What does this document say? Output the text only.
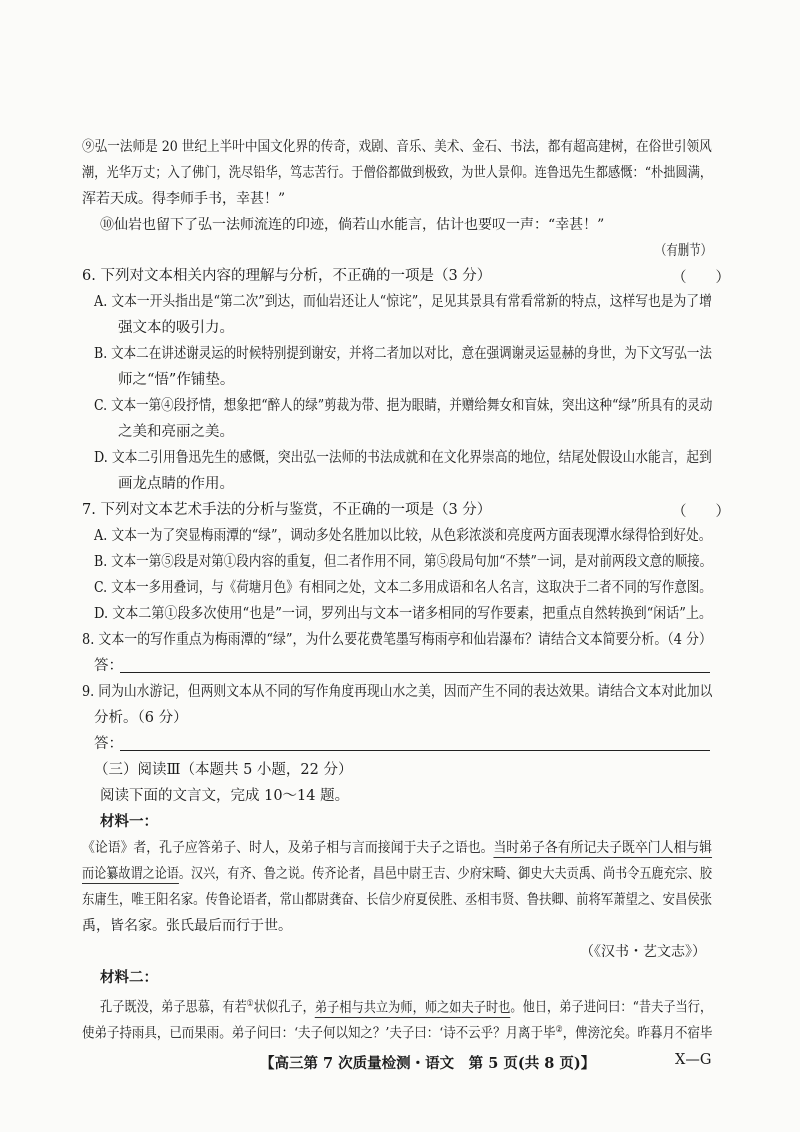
⑨弘一法师是 20 世纪上半叶中国文化界的传奇，戏剧、音乐、美术、金石、书法，都有超高建树，在俗世引领风
潮，光华万丈；入了佛门，洗尽铅华，笃志苦行。于僧俗都做到极致，为世人景仰。连鲁迅先生都感慨：“朴拙圆满，
浑若天成。得李师手书，幸甚！”
⑩仙岩也留下了弘一法师流连的印迹，倘若山水能言，估计也要叹一声：“幸甚！”
（有删节）
6. 下列对文本相关内容的理解与分析，不正确的一项是（3 分）	（　　）
A. 文本一开头指出是“第二次”到达，而仙岩还让人“惊诧”，足见其景具有常看常新的特点，这样写也是为了增
强文本的吸引力。
B. 文本二在讲述谢灵运的时候特别提到谢安，并将二者加以对比，意在强调谢灵运显赫的身世，为下文写弘一法
师之“悟”作铺垫。
C. 文本一第④段抒情，想象把“醉人的绿”剪裁为带、挹为眼睛，并赠给舞女和盲妹，突出这种“绿”所具有的灵动
之美和亮丽之美。
D. 文本二引用鲁迅先生的感慨，突出弘一法师的书法成就和在文化界崇高的地位，结尾处假设山水能言，起到
画龙点睛的作用。
7. 下列对文本艺术手法的分析与鉴赏，不正确的一项是（3 分）	（　　）
A. 文本一为了突显梅雨潭的“绿”，调动多处名胜加以比较，从色彩浓淡和亮度两方面表现潭水绿得恰到好处。
B. 文本一第⑤段是对第①段内容的重复，但二者作用不同，第⑤段局句加“不禁”一词，是对前两段文意的顺接。
C. 文本一多用叠词，与《荷塘月色》有相同之处，文本二多用成语和名人名言，这取决于二者不同的写作意图。
D. 文本二第①段多次使用“也是”一词，罗列出与文本一诸多相同的写作要素，把重点自然转换到“闲话”上。
8. 文本一的写作重点为梅雨潭的“绿”，为什么要花费笔墨写梅雨亭和仙岩瀑布？请结合文本简要分析。（4 分）
答：
9. 同为山水游记，但两则文本从不同的写作角度再现山水之美，因而产生不同的表达效果。请结合文本对此加以
分析。（6 分）
答：
（三）阅读Ⅲ（本题共 5 小题，22 分）
阅读下面的文言文，完成 10～14 题。
材料一：
《论语》者，孔子应答弟子、时人，及弟子相与言而接闻于夫子之语也。当时弟子各有所记夫子既卒门人相与辑
而论纂故谓之论语。汉兴，有齐、鲁之说。传齐论者，昌邑中尉王吉、少府宋畸、御史大夫贡禹、尚书令五鹿充宗、胶
东庸生，唯王阳名家。传鲁论语者，常山都尉龚奋、长信少府夏侯胜、丞相韦贤、鲁扶卿、前将军萧望之、安昌侯张
禹，皆名家。张氏最后而行于世。
（《汉书・艺文志》）
材料二：
孔子既没，弟子思慕，有若①状似孔子，弟子相与共立为师，师之如夫子时也。他日，弟子进问曰：“昔夫子当行，
使弟子持雨具，已而果雨。弟子问曰：‘夫子何以知之？’夫子曰：‘诗不云乎？月离于毕②，俾滂沱矣。昨暮月不宿毕
【高三第 7 次质量检测・语文　第 5 页(共 8 页)】	X—G
